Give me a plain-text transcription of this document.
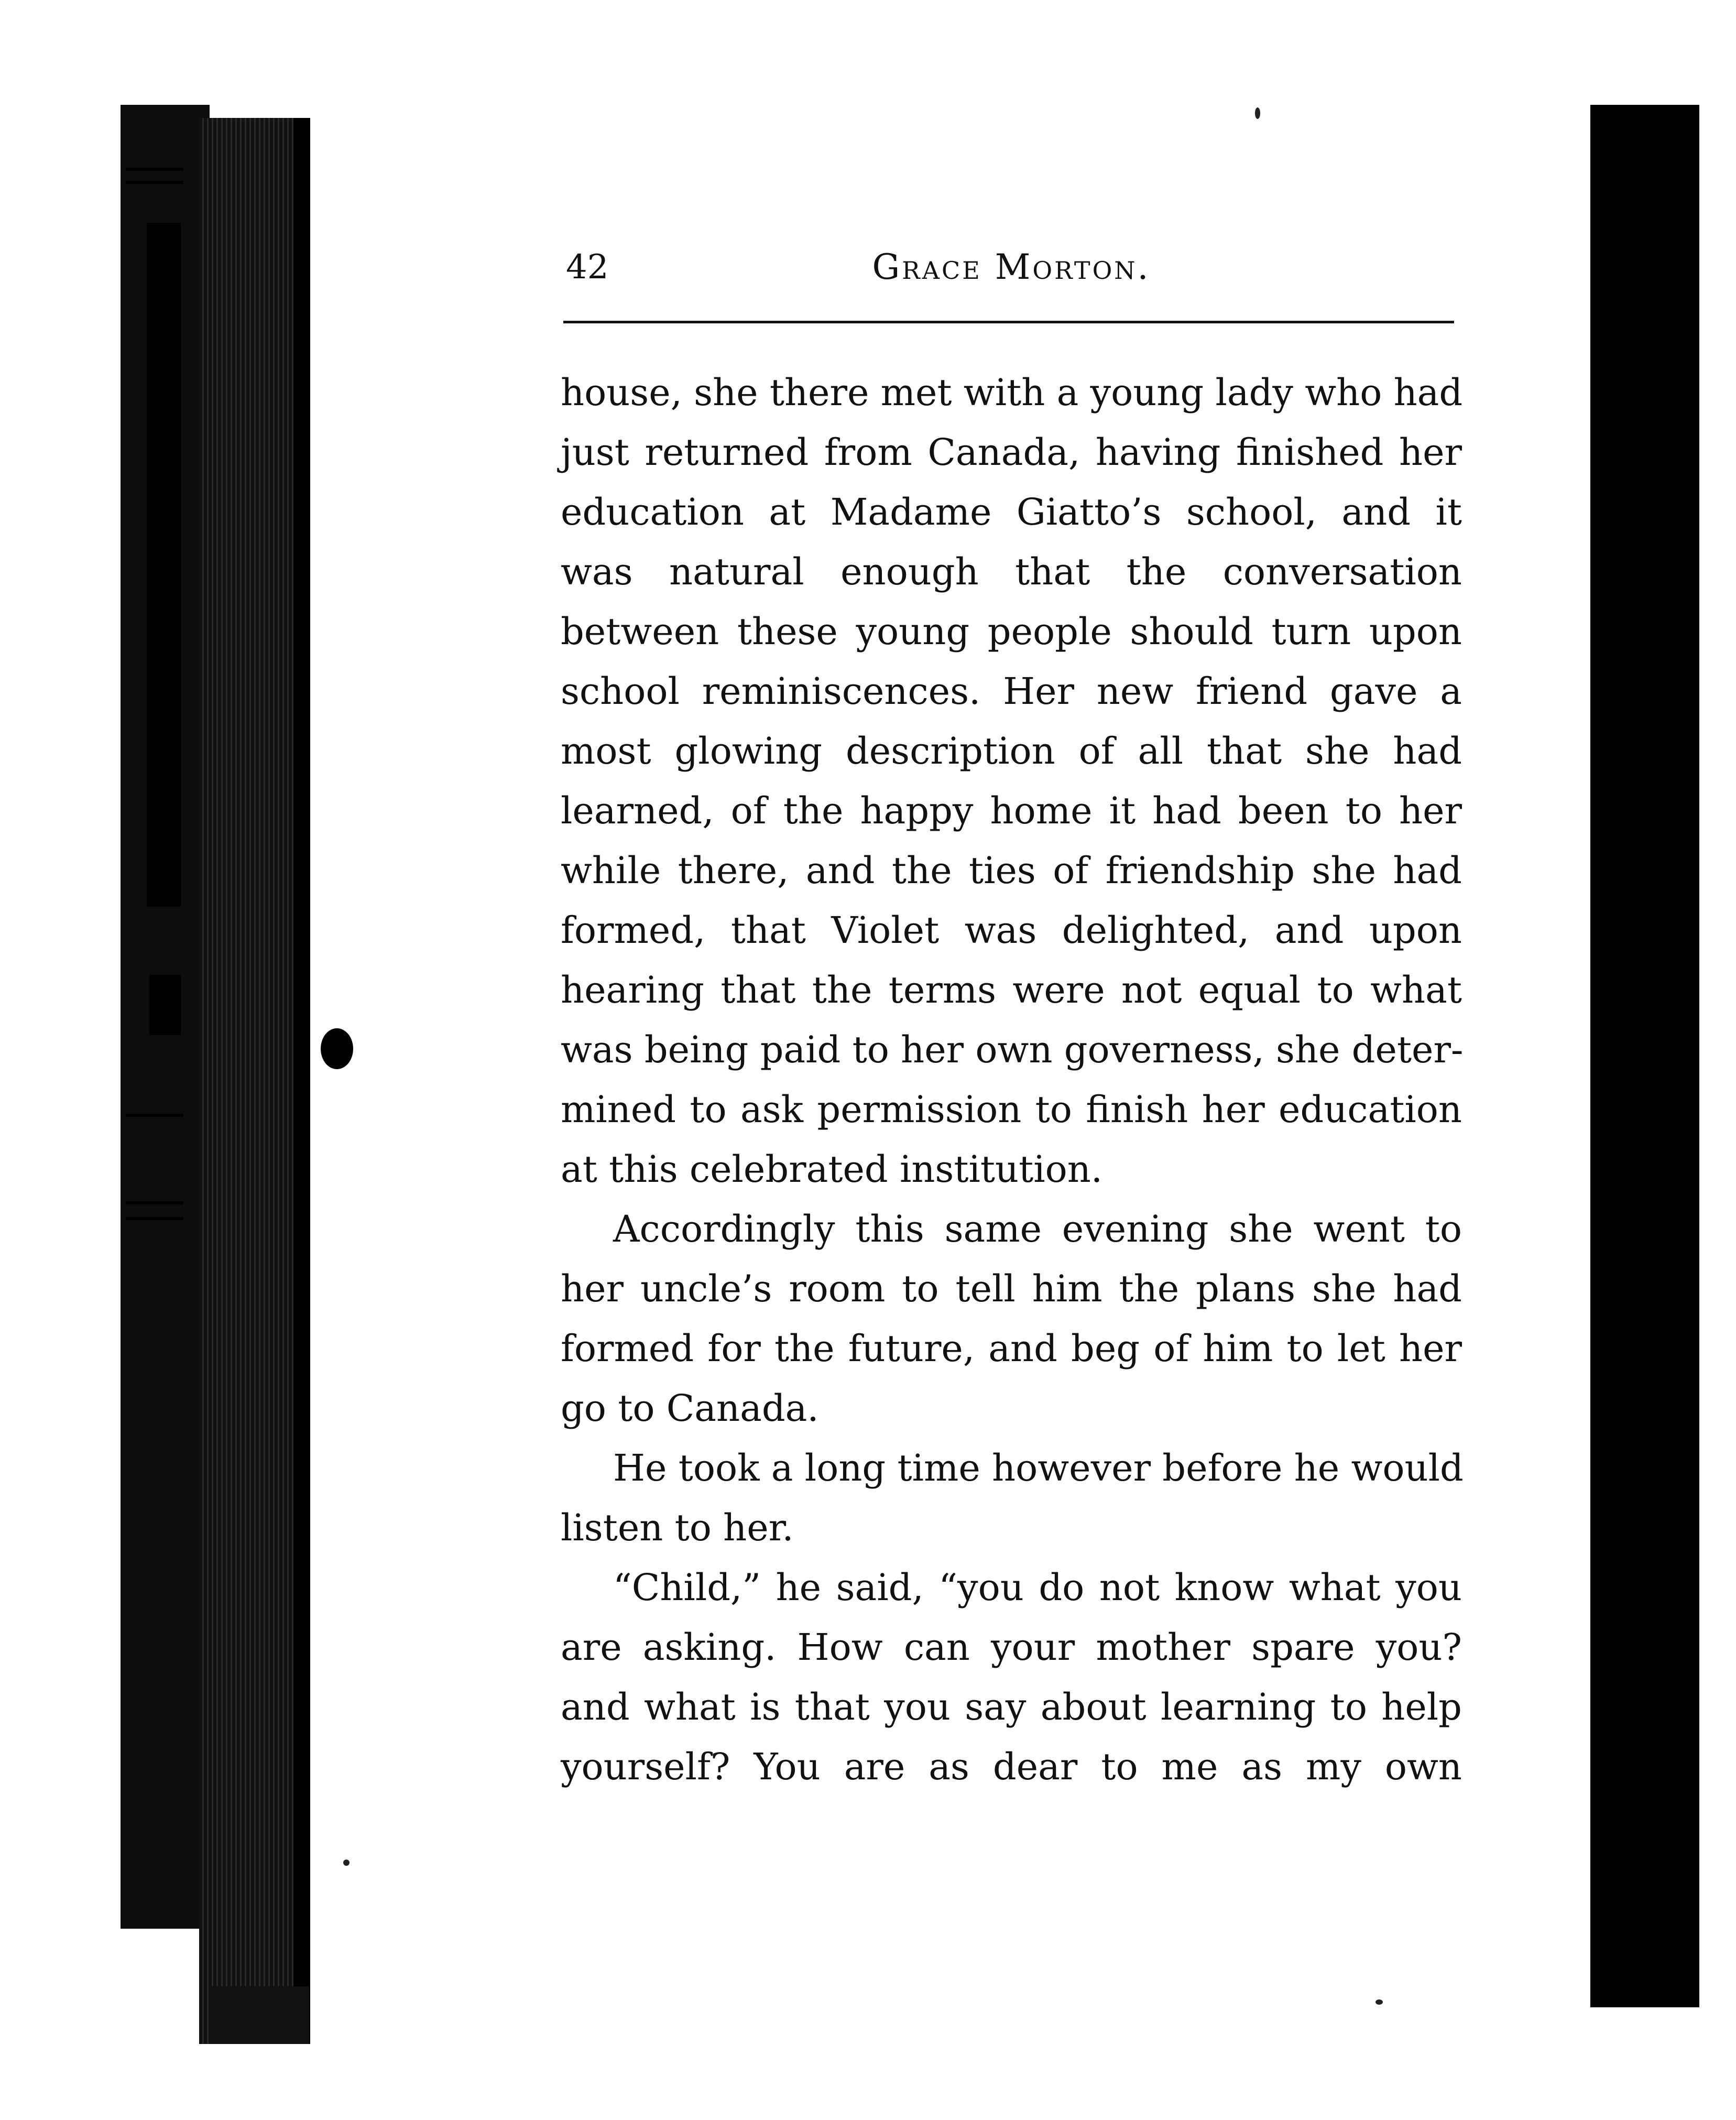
42	Grace Morton.
house, she there met with a young lady who had
just returned from Canada, having finished her
education at Madame Giatto’s school, and it
was natural enough that the conversation
between these young people should turn upon
school reminiscences. Her new friend gave a
most glowing description of all that she had
learned, of the happy home it had been to her
while there, and the ties of friendship she had
formed, that Violet was delighted, and upon
hearing that the terms were not equal to what
was being paid to her own governess, she deter-
mined to ask permission to finish her education
at this celebrated institution.
Accordingly this same evening she went to
her uncle’s room to tell him the plans she had
formed for the future, and beg of him to let her
go to Canada.
He took a long time however before he would
listen to her.
“Child,” he said, “you do not know what you
are asking. How can your mother spare you?
and what is that you say about learning to help
yourself? You are as dear to me as my own
